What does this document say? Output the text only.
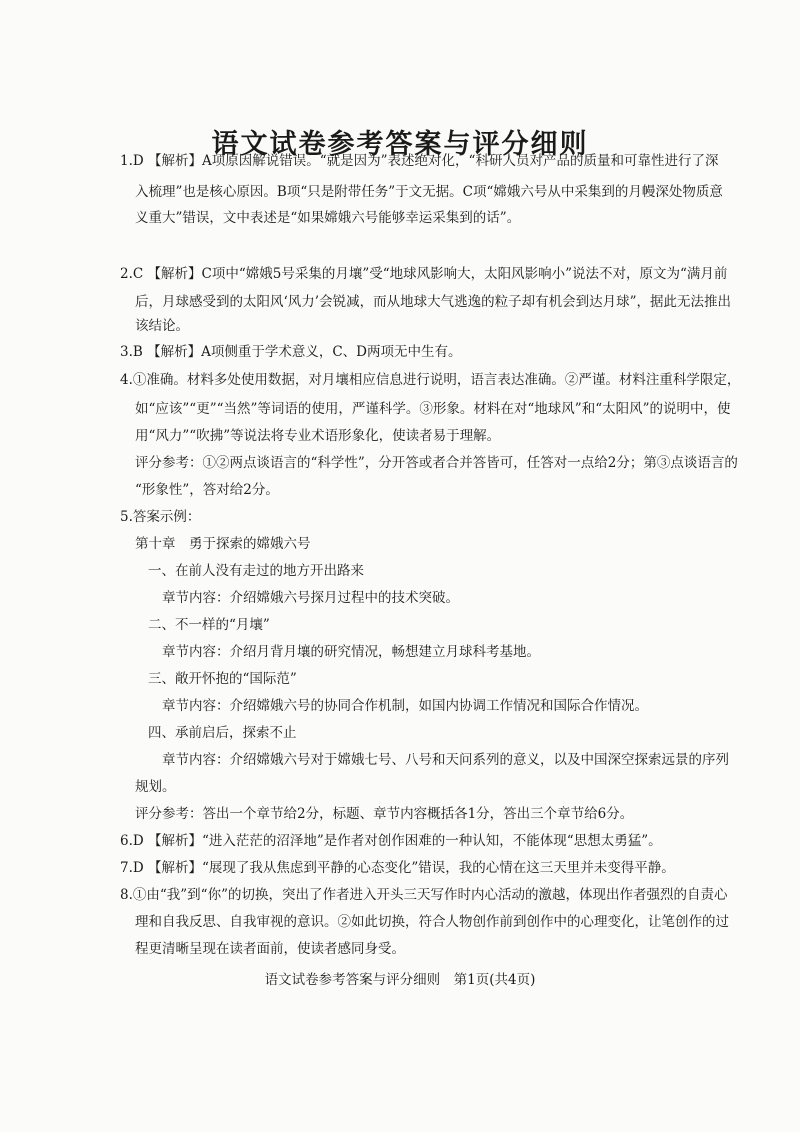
语文试卷参考答案与评分细则
1.D 【解析】A项原因解说错误。“就是因为”表述绝对化，“科研人员对产品的质量和可靠性进行了深
入梳理”也是核心原因。B项“只是附带任务”于文无据。C项“嫦娥六号从中采集到的月幔深处物质意
义重大”错误，文中表述是“如果嫦娥六号能够幸运采集到的话”。
2.C 【解析】C项中“嫦娥5号采集的月壤”受“地球风影响大，太阳风影响小”说法不对，原文为“满月前
后，月球感受到的太阳风‘风力’会锐减，而从地球大气逃逸的粒子却有机会到达月球”，据此无法推出
该结论。
3.B 【解析】A项侧重于学术意义，C、D两项无中生有。
4.①准确。材料多处使用数据，对月壤相应信息进行说明，语言表达准确。②严谨。材料注重科学限定，
如“应该”“更”“当然”等词语的使用，严谨科学。③形象。材料在对“地球风”和“太阳风”的说明中，使
用“风力”“吹拂”等说法将专业术语形象化，使读者易于理解。
评分参考：①②两点谈语言的“科学性”，分开答或者合并答皆可，任答对一点给2分；第③点谈语言的
“形象性”，答对给2分。
5.答案示例：
第十章　勇于探索的嫦娥六号
一、在前人没有走过的地方开出路来
章节内容：介绍嫦娥六号探月过程中的技术突破。
二、不一样的“月壤”
章节内容：介绍月背月壤的研究情况，畅想建立月球科考基地。
三、敞开怀抱的“国际范”
章节内容：介绍嫦娥六号的协同合作机制，如国内协调工作情况和国际合作情况。
四、承前启后，探索不止
章节内容：介绍嫦娥六号对于嫦娥七号、八号和天问系列的意义，以及中国深空探索远景的序列
规划。
评分参考：答出一个章节给2分，标题、章节内容概括各1分，答出三个章节给6分。
6.D 【解析】“进入茫茫的沼泽地”是作者对创作困难的一种认知，不能体现“思想太勇猛”。
7.D 【解析】“展现了我从焦虑到平静的心态变化”错误，我的心情在这三天里并未变得平静。
8.①由“我”到“你”的切换，突出了作者进入开头三天写作时内心活动的激越，体现出作者强烈的自责心
理和自我反思、自我审视的意识。②如此切换，符合人物创作前到创作中的心理变化，让笔创作的过
程更清晰呈现在读者面前，使读者感同身受。
语文试卷参考答案与评分细则　第1页(共4页)
